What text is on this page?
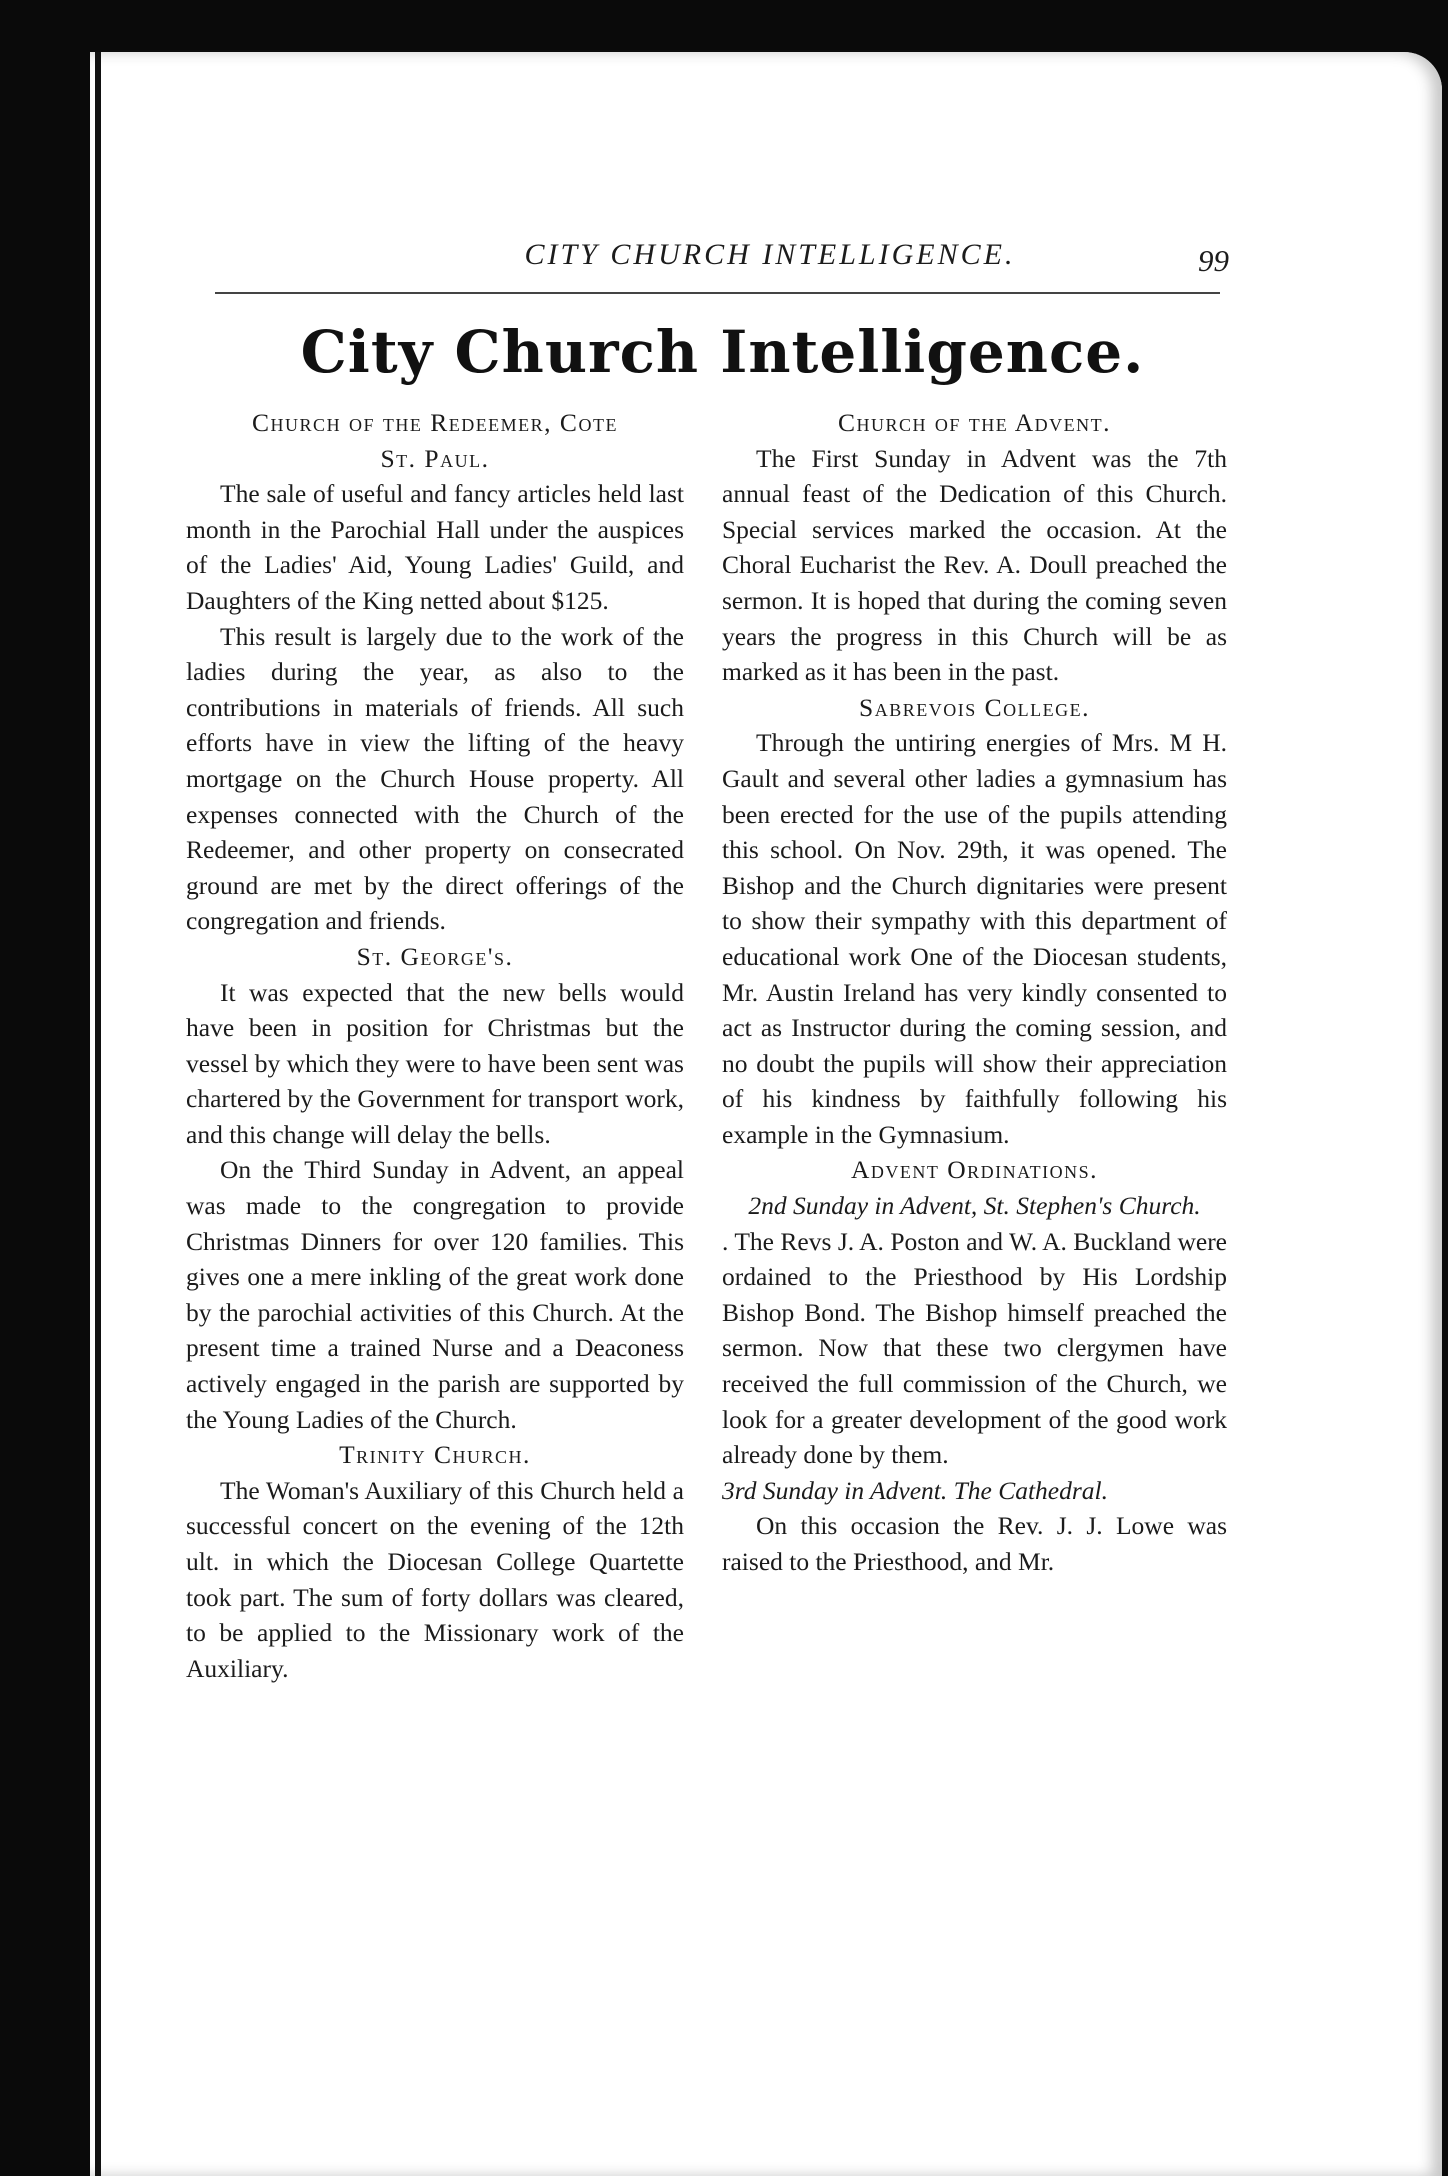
CITY CHURCH INTELLIGENCE.	99
City Church Intelligence.
Church of the Redeemer, Cote
St. Paul.

The sale of useful and fancy articles held last month in the Parochial Hall under the auspices of the Ladies' Aid, Young Ladies' Guild, and Daughters of the King netted about $125.

This result is largely due to the work of the ladies during the year, as also to the contributions in materials of friends. All such efforts have in view the lifting of the heavy mortgage on the Church House property. All expenses connected with the Church of the Redeemer, and other property on consecrated ground are met by the direct offerings of the congregation and friends.

St. George's.

It was expected that the new bells would have been in position for Christmas but the vessel by which they were to have been sent was chartered by the Government for transport work, and this change will delay the bells.

On the Third Sunday in Advent, an appeal was made to the congregation to provide Christmas Dinners for over 120 families. This gives one a mere inkling of the great work done by the parochial activities of this Church. At the present time a trained Nurse and a Deaconess actively engaged in the parish are supported by the Young Ladies of the Church.

Trinity Church.

The Woman's Auxiliary of this Church held a successful concert on the evening of the 12th ult. in which the Diocesan College Quartette took part. The sum of forty dollars was cleared, to be applied to the Missionary work of the Auxiliary.

Church of the Advent.

The First Sunday in Advent was the 7th annual feast of the Dedication of this Church. Special services marked the occasion. At the Choral Eucharist the Rev. A. Doull preached the sermon. It is hoped that during the coming seven years the progress in this Church will be as marked as it has been in the past.

Sabrevois College.

Through the untiring energies of Mrs. M H. Gault and several other ladies a gymnasium has been erected for the use of the pupils attending this school. On Nov. 29th, it was opened. The Bishop and the Church dignitaries were present to show their sympathy with this department of educational work One of the Diocesan students, Mr. Austin Ireland has very kindly consented to act as Instructor during the coming session, and no doubt the pupils will show their appreciation of his kindness by faithfully following his example in the Gymnasium.

Advent Ordinations.
2nd Sunday in Advent, St. Stephen's Church.

. The Revs J. A. Poston and W. A. Buckland were ordained to the Priesthood by His Lordship Bishop Bond. The Bishop himself preached the sermon. Now that these two clergymen have received the full commission of the Church, we look for a greater development of the good work already done by them.

3rd Sunday in Advent. The Cathedral.

On this occasion the Rev. J. J. Lowe was raised to the Priesthood, and Mr.
